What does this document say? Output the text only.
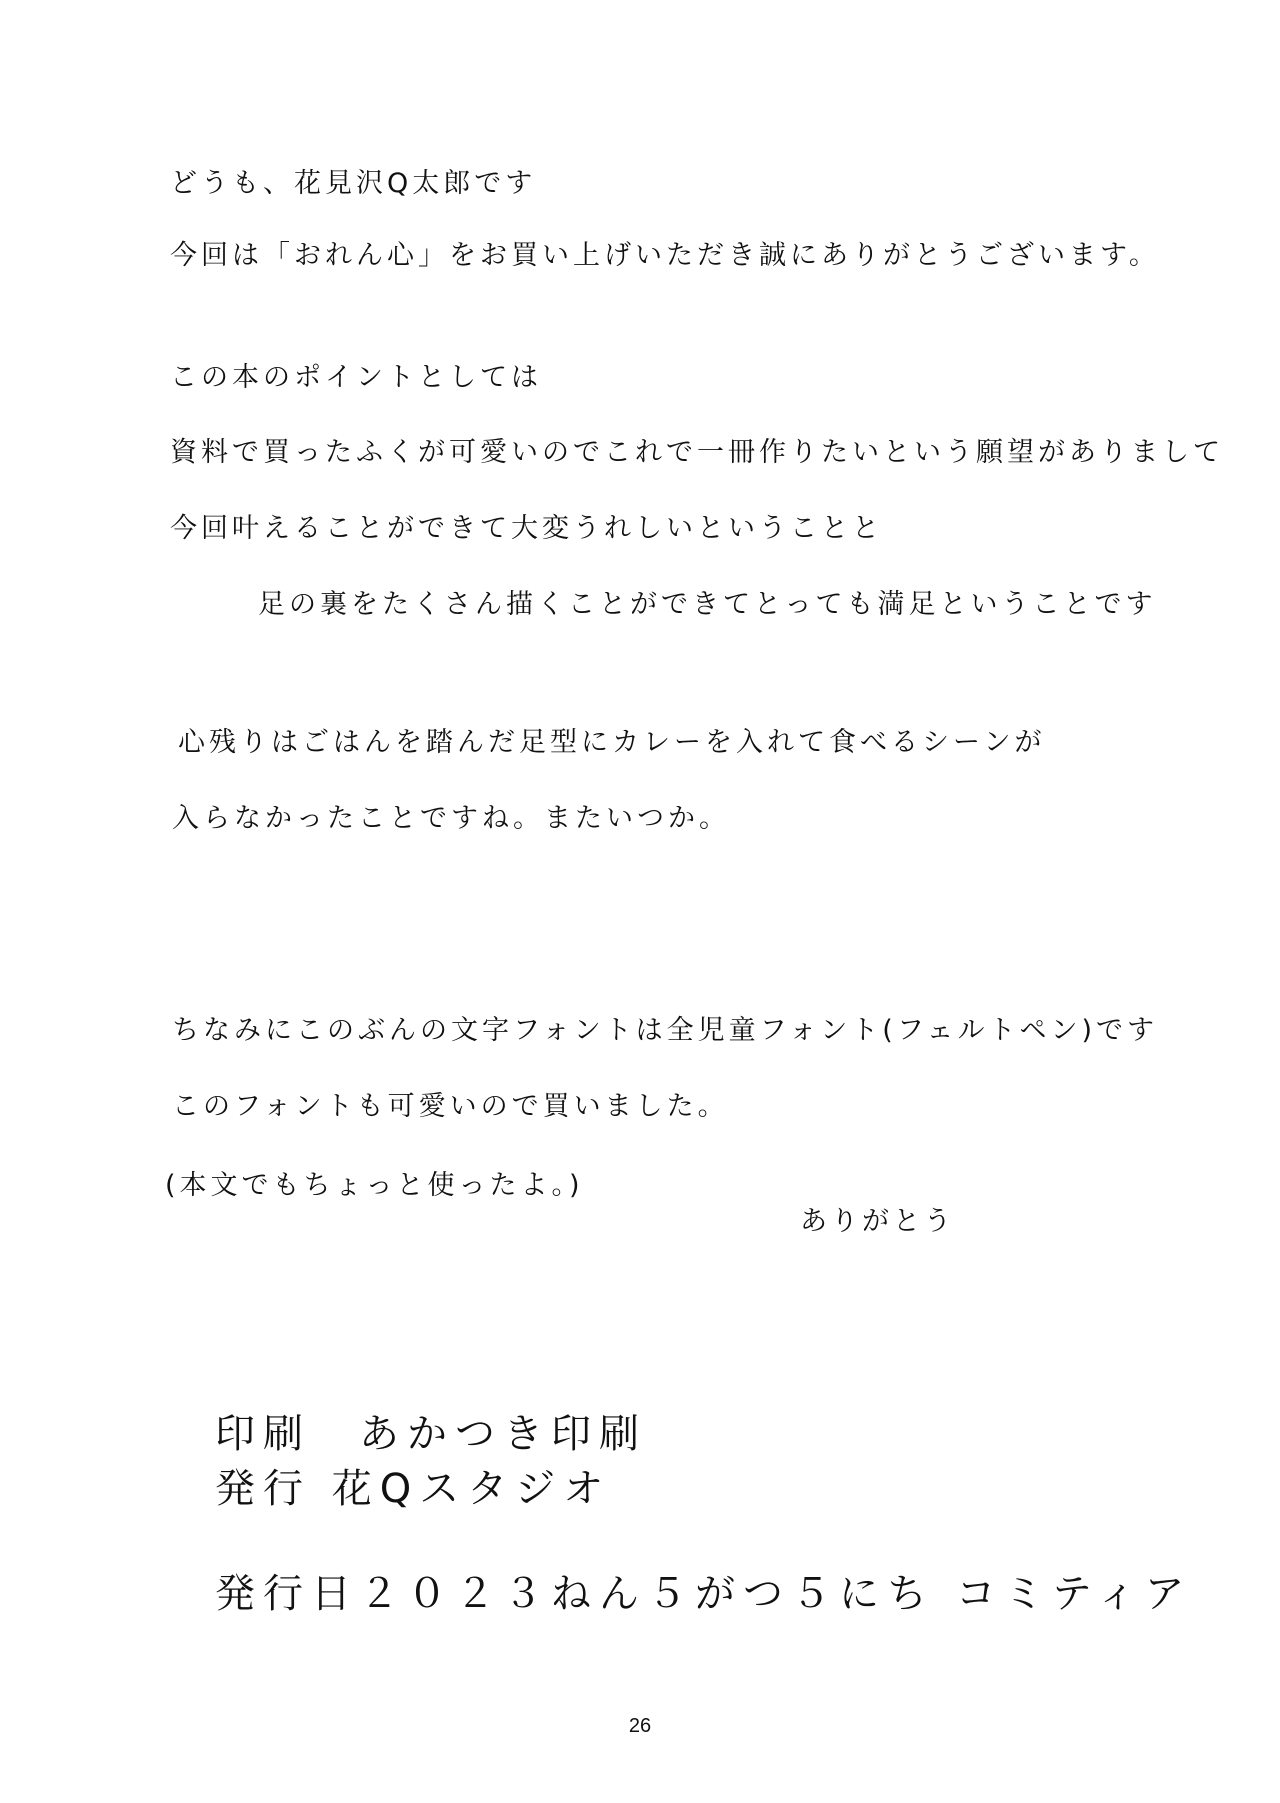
どうも、花見沢Q太郎です
今回は「おれん心」をお買い上げいただき誠にありがとうございます。
この本のポイントとしては
資料で買ったふくが可愛いのでこれで一冊作りたいという願望がありまして
今回叶えることができて大変うれしいということと
足の裏をたくさん描くことができてとっても満足ということです
心残りはごはんを踏んだ足型にカレーを入れて食べるシーンが
入らなかったことですね。またいつか。
ちなみにこのぶんの文字フォントは全児童フォント(フェルトペン)です
このフォントも可愛いので買いました。
(本文でもちょっと使ったよ。)
ありがとう
印刷　あかつき印刷
発行 花Qスタジオ
発行日２０２３ねん５がつ５にち コミティア
26
